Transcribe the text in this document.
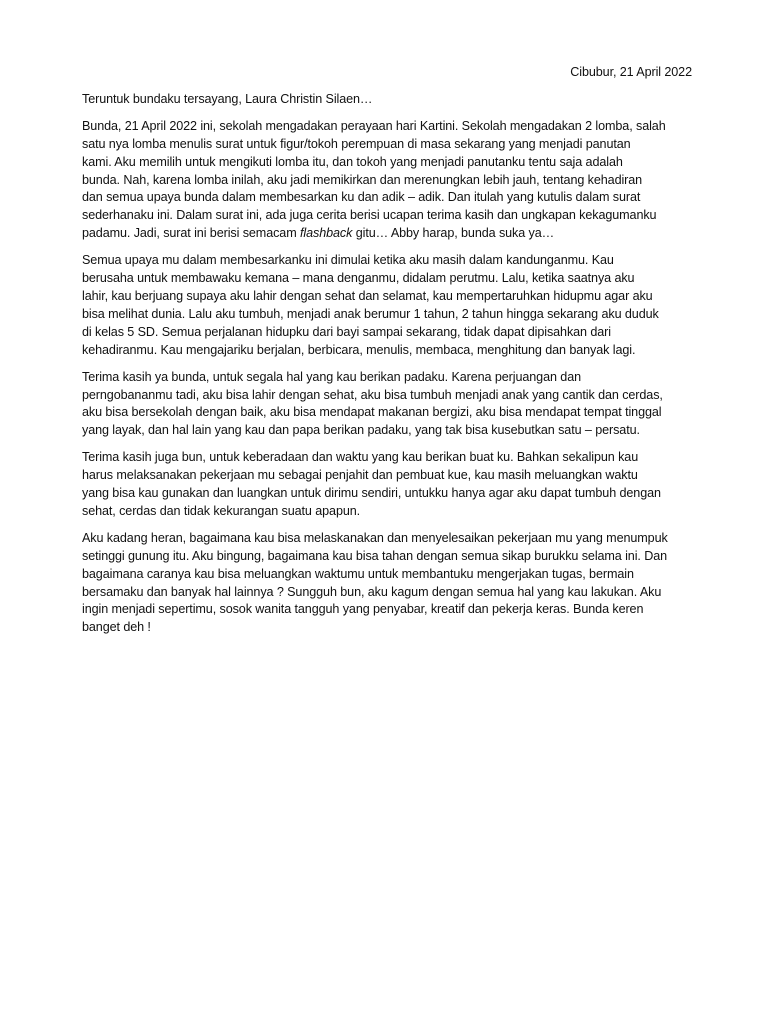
Cibubur, 21 April 2022
Teruntuk bundaku tersayang, Laura Christin Silaen…
Bunda, 21 April 2022 ini, sekolah mengadakan perayaan hari Kartini. Sekolah mengadakan 2 lomba, salah
satu nya lomba menulis surat untuk figur/tokoh perempuan di masa sekarang yang menjadi panutan
kami. Aku memilih untuk mengikuti lomba itu, dan tokoh yang menjadi panutanku tentu saja adalah
bunda. Nah, karena lomba inilah, aku jadi memikirkan dan merenungkan lebih jauh, tentang kehadiran
dan semua upaya bunda dalam membesarkan ku dan adik – adik. Dan itulah yang kutulis dalam surat
sederhanaku ini. Dalam surat ini, ada juga cerita berisi ucapan terima kasih dan ungkapan kekagumanku
padamu. Jadi, surat ini berisi semacam flashback gitu… Abby harap, bunda suka ya…
Semua upaya mu dalam membesarkanku ini dimulai ketika aku masih dalam kandunganmu. Kau
berusaha untuk membawaku kemana – mana denganmu, didalam perutmu. Lalu, ketika saatnya aku
lahir, kau berjuang supaya aku lahir dengan sehat dan selamat, kau mempertaruhkan hidupmu agar aku
bisa melihat dunia. Lalu aku tumbuh, menjadi anak berumur 1 tahun, 2 tahun hingga sekarang aku duduk
di kelas 5 SD. Semua perjalanan hidupku dari bayi sampai sekarang, tidak dapat dipisahkan dari
kehadiranmu. Kau mengajariku berjalan, berbicara, menulis, membaca, menghitung dan banyak lagi.
Terima kasih ya bunda, untuk segala hal yang kau berikan padaku. Karena perjuangan dan
perngobananmu tadi, aku bisa lahir dengan sehat, aku bisa tumbuh menjadi anak yang cantik dan cerdas,
aku bisa bersekolah dengan baik, aku bisa mendapat makanan bergizi, aku bisa mendapat tempat tinggal
yang layak, dan hal lain yang kau dan papa berikan padaku, yang tak bisa kusebutkan satu – persatu.
Terima kasih juga bun, untuk keberadaan dan waktu yang kau berikan buat ku. Bahkan sekalipun kau
harus melaksanakan pekerjaan mu sebagai penjahit dan pembuat kue, kau masih meluangkan waktu
yang bisa kau gunakan dan luangkan untuk dirimu sendiri, untukku hanya agar aku dapat tumbuh dengan
sehat, cerdas dan tidak kekurangan suatu apapun.
Aku kadang heran, bagaimana kau bisa melaskanakan dan menyelesaikan pekerjaan mu yang menumpuk
setinggi gunung itu. Aku bingung, bagaimana kau bisa tahan dengan semua sikap burukku selama ini. Dan
bagaimana caranya kau bisa meluangkan waktumu untuk membantuku mengerjakan tugas, bermain
bersamaku dan banyak hal lainnya ? Sungguh bun, aku kagum dengan semua hal yang kau lakukan. Aku
ingin menjadi sepertimu, sosok wanita tangguh yang penyabar, kreatif dan pekerja keras. Bunda keren
banget deh !
